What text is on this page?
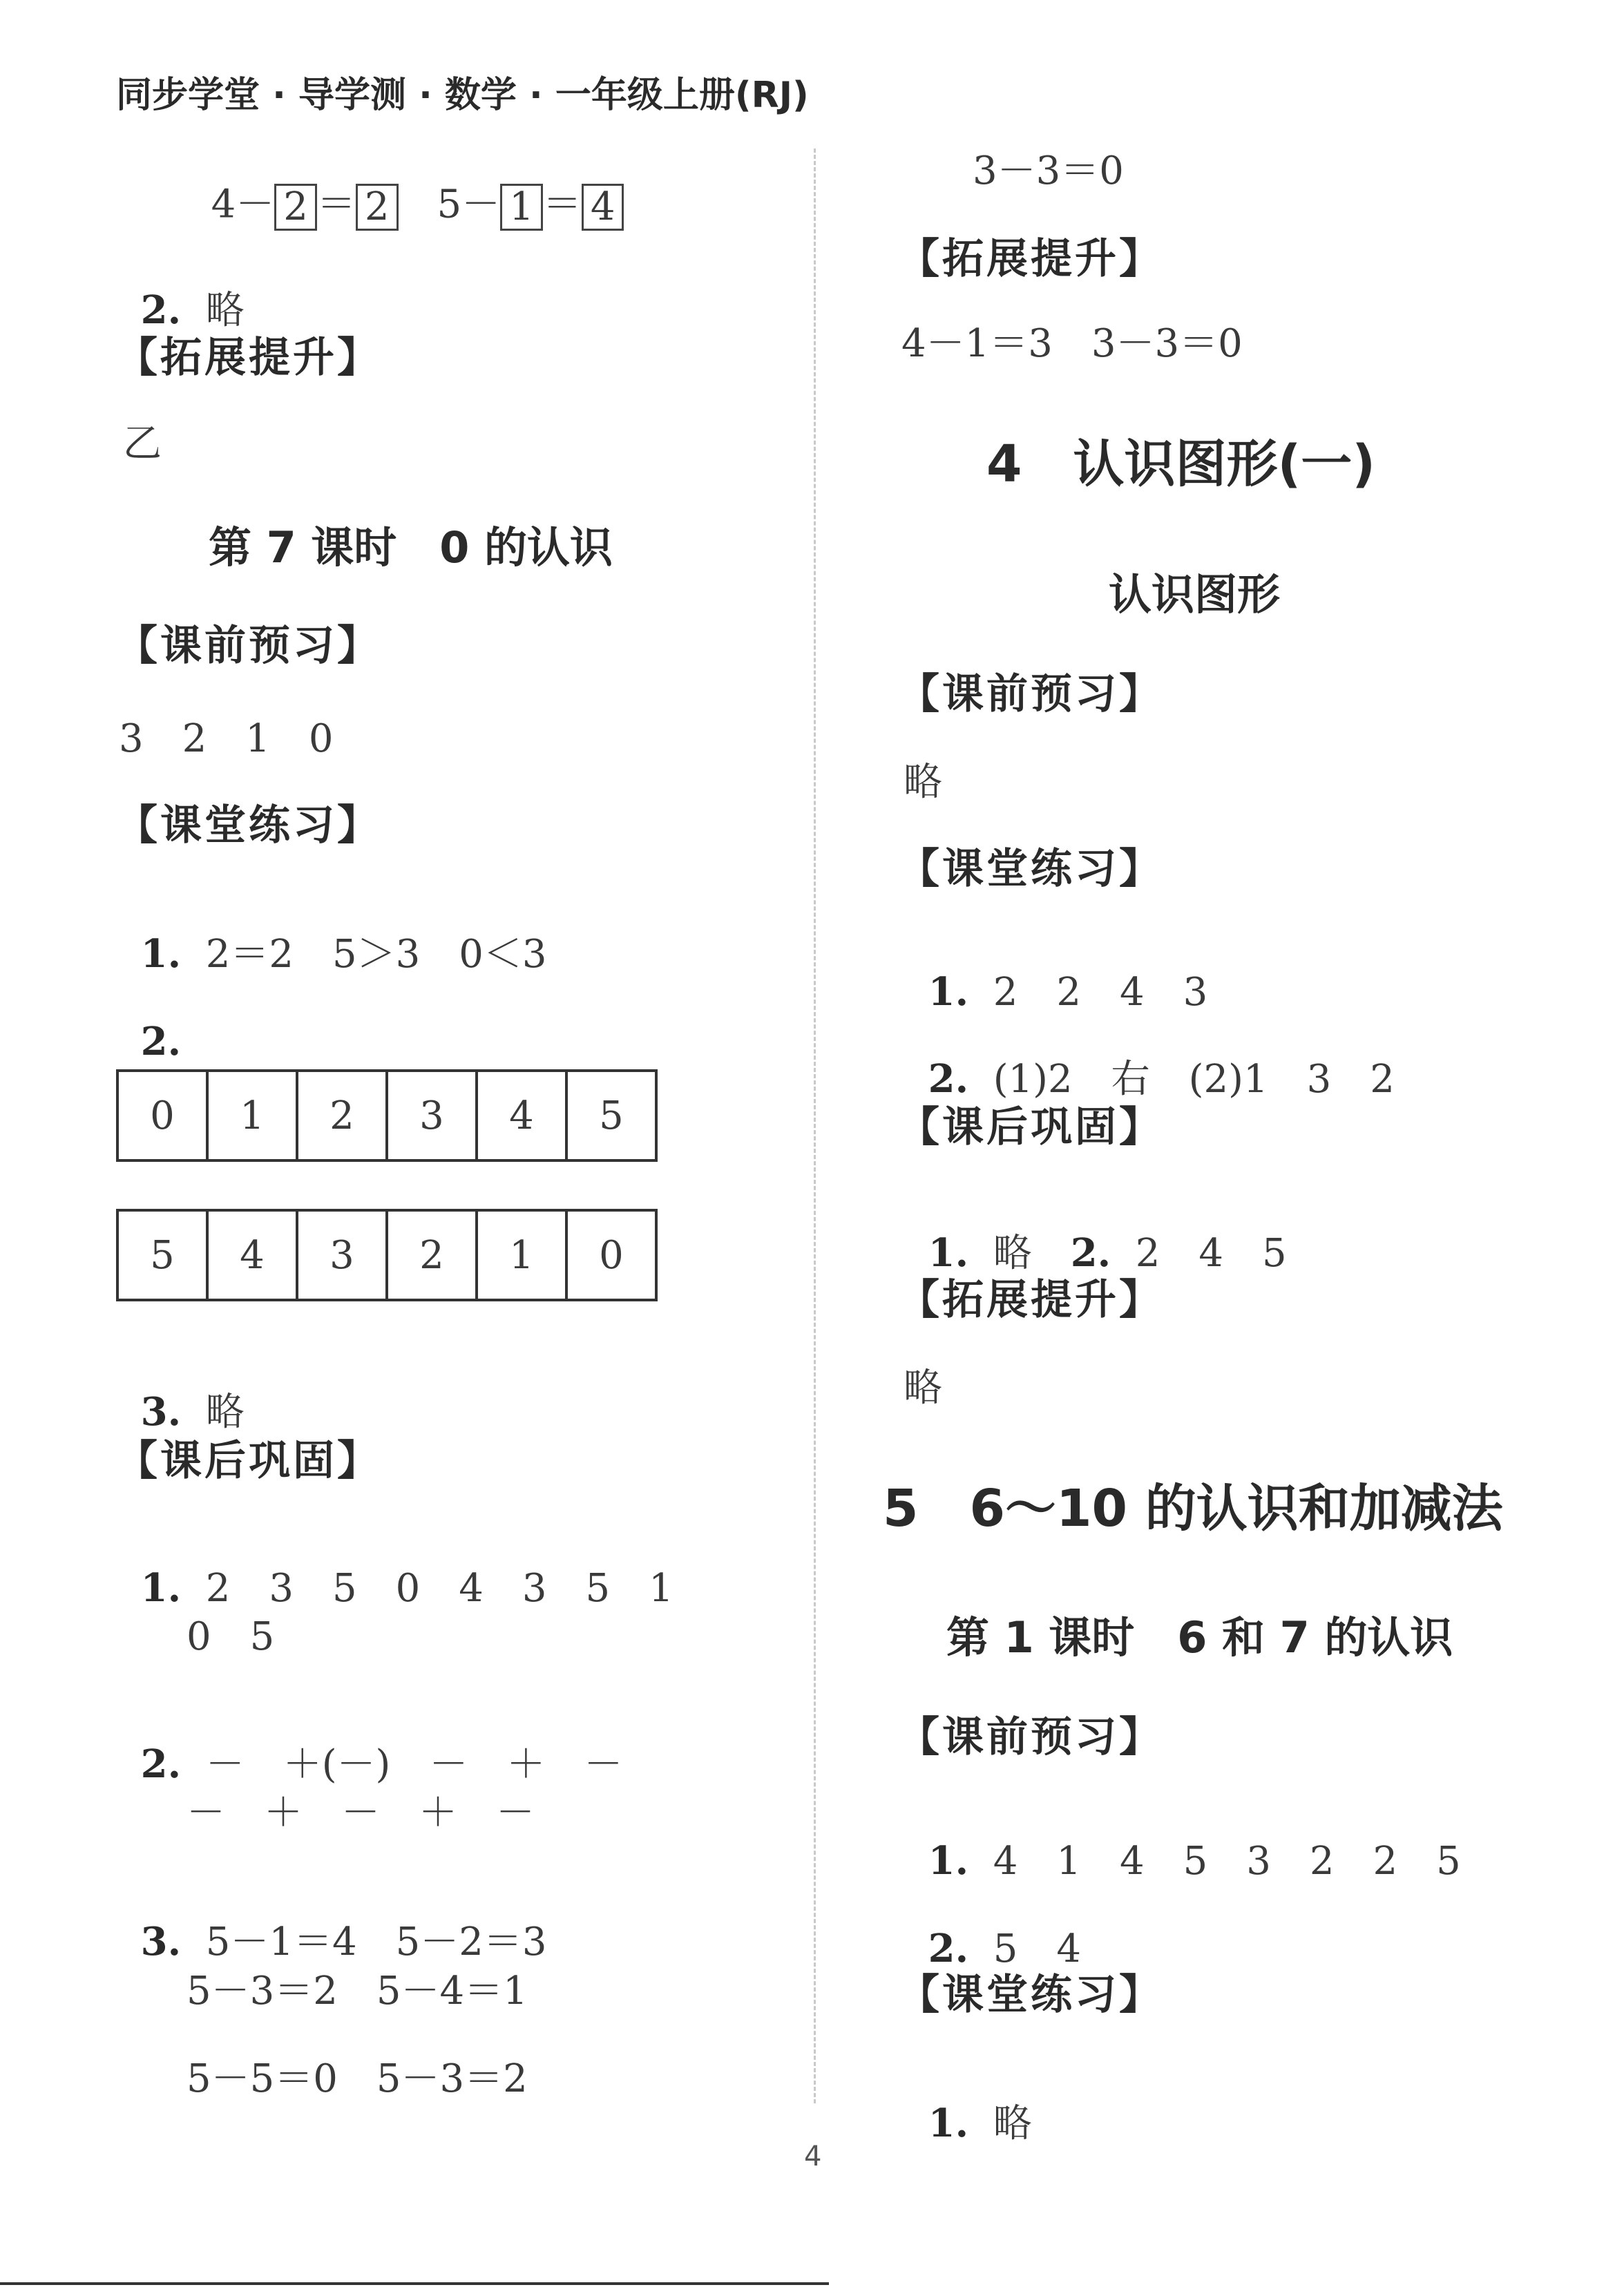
同步学堂 · 导学测 · 数学 · 一年级上册(RJ)

4－ 2 ＝ 2　 5－ 1 ＝ 4

2. 略

【拓展提升】
乙
第 7 课时　0 的认识
【课前预习】
3　2　1　0
【课堂练习】

1. 2＝2　5＞3　0＜3

2.

0	1	2	3	4	5
5	4	3	2	1	0

3. 略

【课后巩固】

1. 2　3　5　0　4　3　5　1

0　5

2. －　＋(－)　－　＋　－

－　＋　－　＋　－

3. 5－1＝4　5－2＝3

5－3＝2　5－4＝1
5－5＝0　5－3＝2
3－3＝0
【拓展提升】
4－1＝3　3－3＝0
4　认识图形(一)
认识图形
【课前预习】
略
【课堂练习】

1. 2　2　4　3

2. (1)2　右　(2)1　3　2

【课后巩固】

1. 略　 2. 2　4　5

【拓展提升】
略
5　6～10 的认识和加减法
第 1 课时　6 和 7 的认识
【课前预习】

1. 4　1　4　5　3　2　2　5

2. 5　4

【课堂练习】

1. 略

4
